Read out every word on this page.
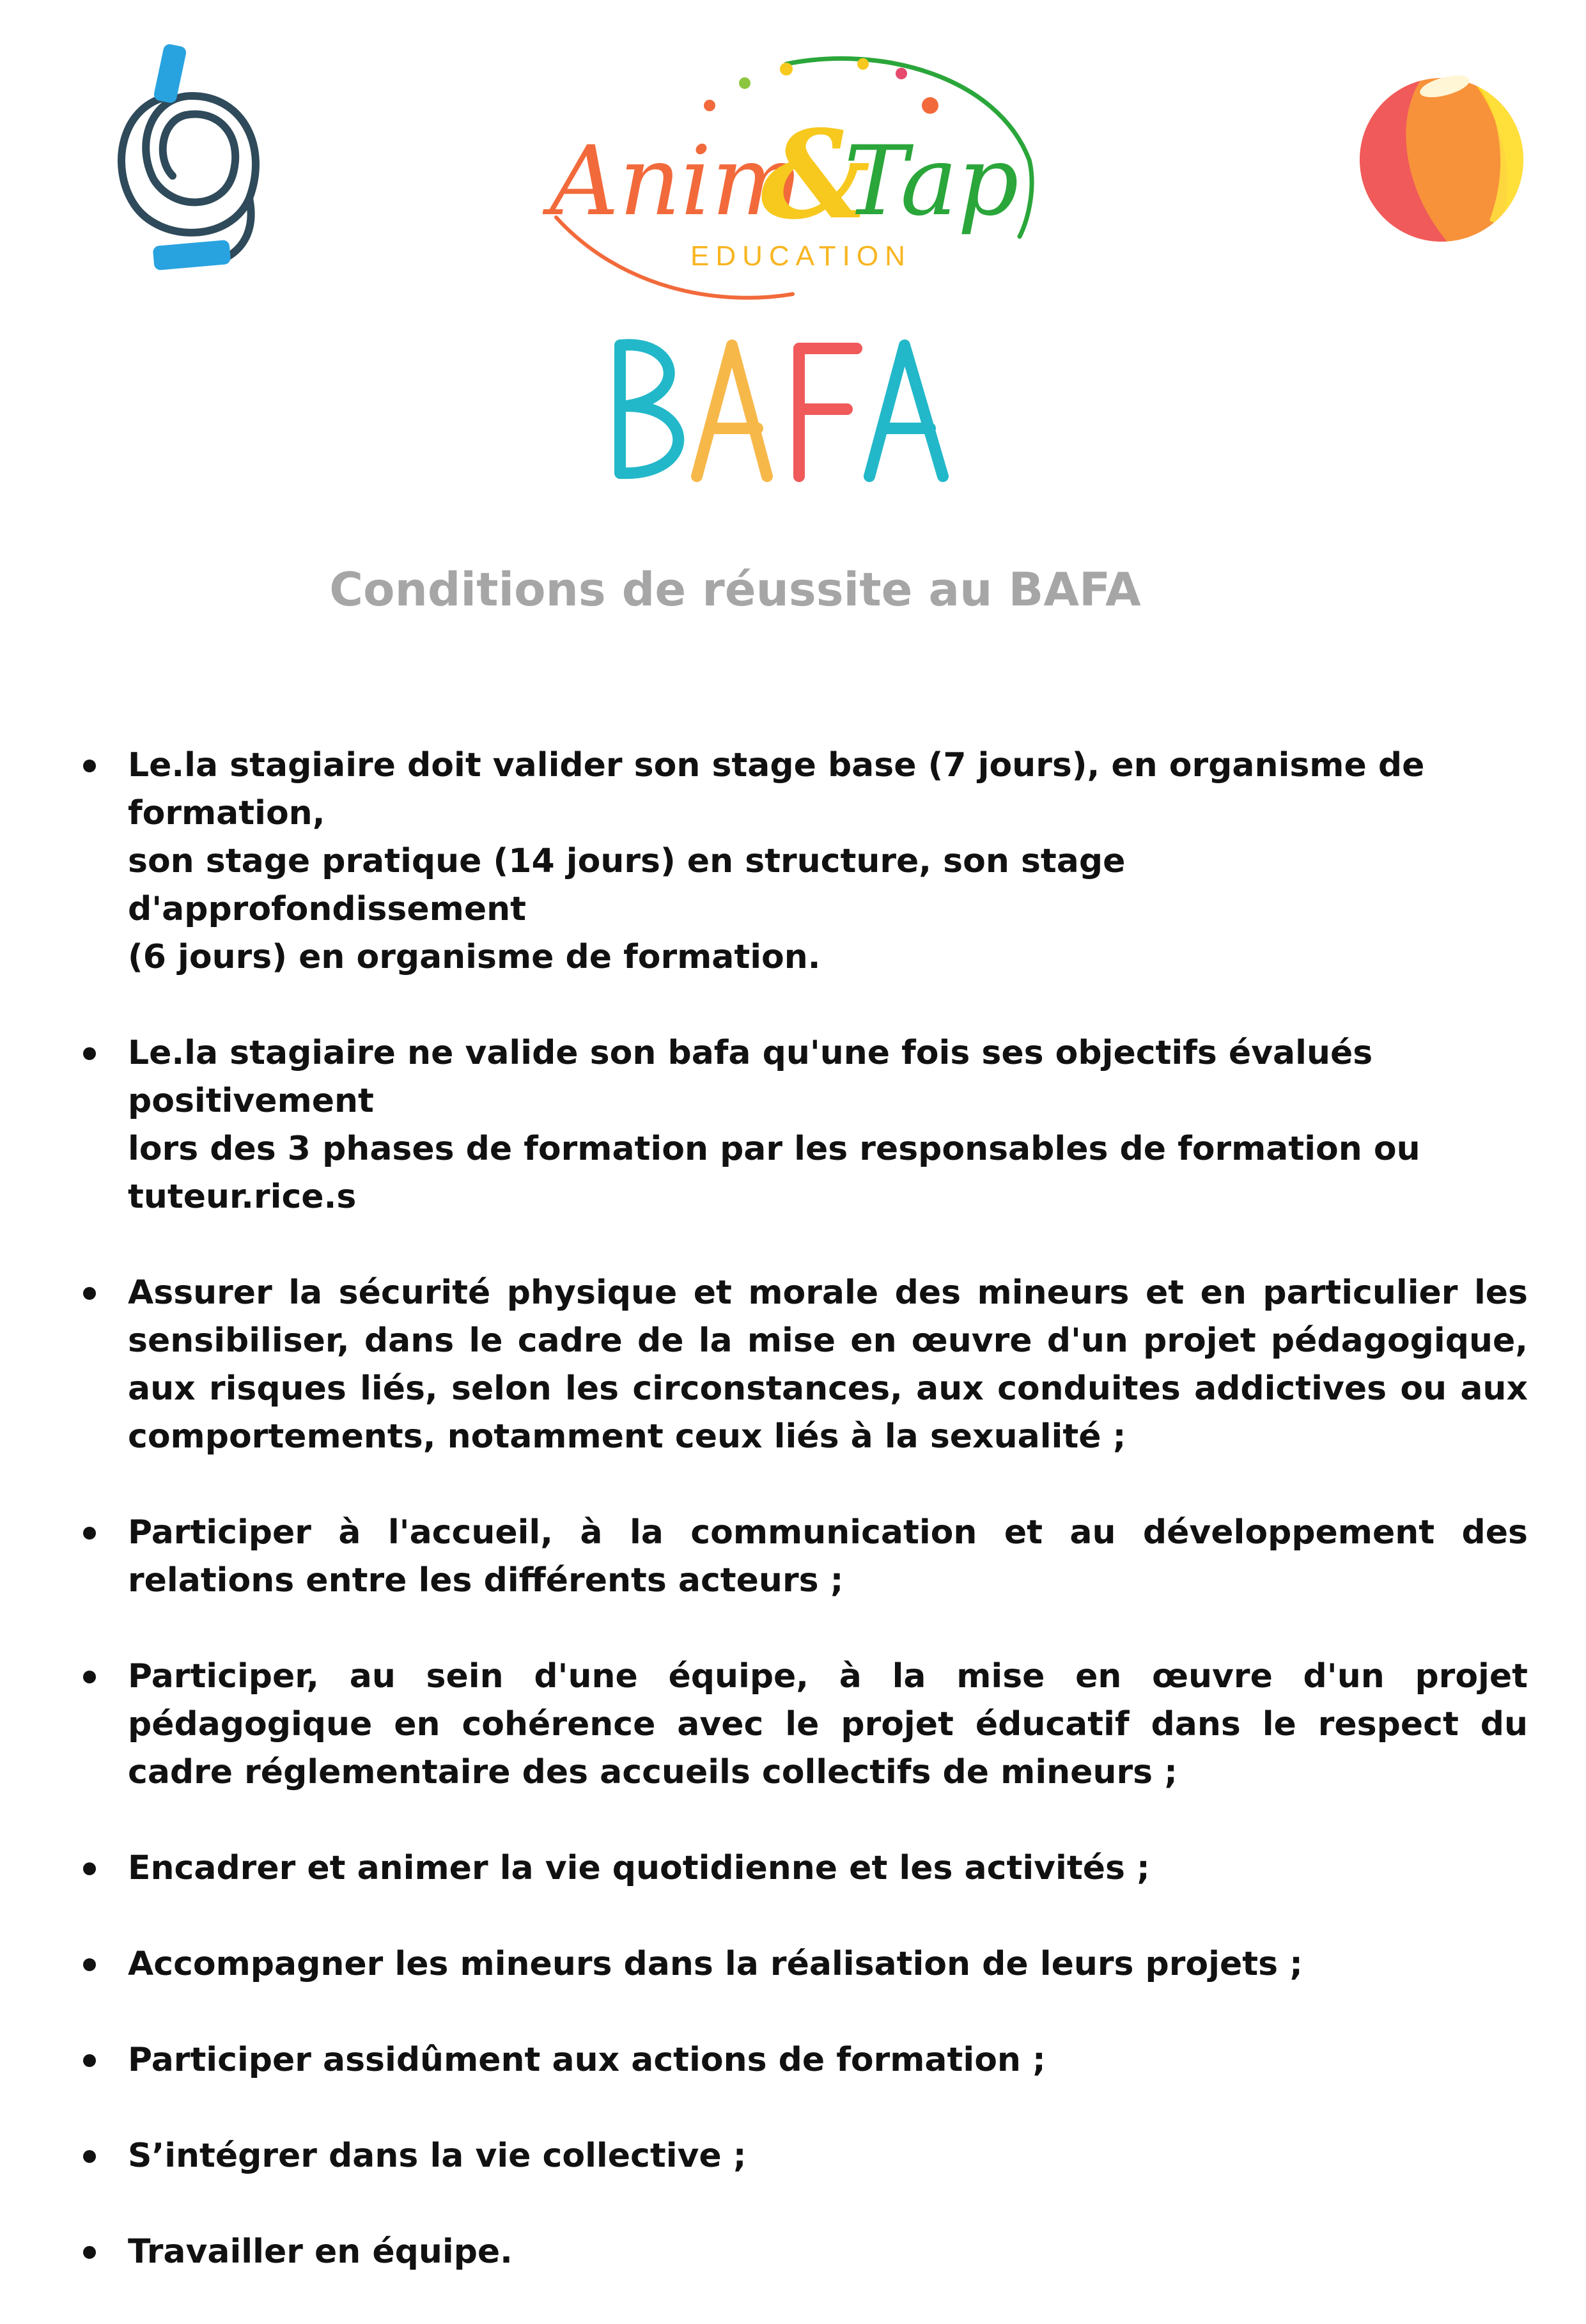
Anim
&
Tap
EDUCATION
Conditions de réussite au BAFA
Le.la stagiaire doit valider son stage base (7 jours), en organisme de formation,
son stage pratique (14 jours) en structure, son stage d'approfondissement
(6 jours) en organisme de formation.
Le.la stagiaire ne valide son bafa qu'une fois ses objectifs évalués positivement
lors des 3 phases de formation par les responsables de formation ou
tuteur.rice.s
Assurer la sécurité physique et morale des mineurs et en particulier les sensibiliser, dans le cadre de la mise en œuvre d'un projet pédagogique, aux risques liés, selon les circonstances, aux conduites addictives ou aux comportements, notamment ceux liés à la sexualité ;
Participer à l'accueil, à la communication et au développement des relations entre les différents acteurs ;
Participer, au sein d'une équipe, à la mise en œuvre d'un projet pédagogique en cohérence avec le projet éducatif dans le respect du cadre réglementaire des accueils collectifs de mineurs ;
Encadrer et animer la vie quotidienne et les activités ;
Accompagner les mineurs dans la réalisation de leurs projets ;
Participer assidûment aux actions de formation ;
S’intégrer dans la vie collective ;
Travailler en équipe.
